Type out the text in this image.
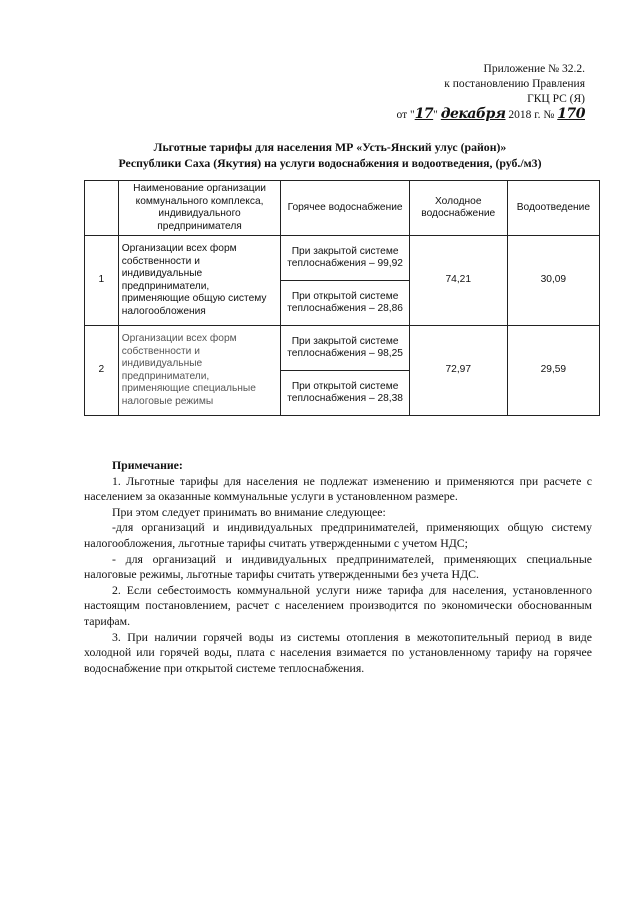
Приложение № 32.2.
к постановлению Правления
ГКЦ РС (Я)
от "17" декабря 2018 г. № 170
Льготные тарифы для населения МР «Усть-Янский улус (район)»
Республики Саха (Якутия) на услуги водоснабжения и водоотведения, (руб./м3)
	Наименование организации коммунального комплекса, индивидуального предпринимателя	Горячее водоснабжение	Холодное водоснабжение	Водоотведение
1	Организации всех форм собственности и индивидуальные предприниматели, применяющие общую систему налогообложения	При закрытой системе теплоснабжения – 99,92	74,21	30,09
		При открытой системе теплоснабжения – 28,86		
2	Организации всех форм собственности и индивидуальные предприниматели, применяющие специальные налоговые режимы	При закрытой системе теплоснабжения – 98,25	72,97	29,59
		При открытой системе теплоснабжения – 28,38		

Примечание:

1. Льготные тарифы для населения не подлежат изменению и применяются при расчете с населением за оказанные коммунальные услуги в установленном размере.

При этом следует принимать во внимание следующее:

-для организаций и индивидуальных предпринимателей, применяющих общую систему налогообложения, льготные тарифы считать утвержденными с учетом НДС;

- для организаций и индивидуальных предпринимателей, применяющих специальные налоговые режимы, льготные тарифы считать утвержденными без учета НДС.

2. Если себестоимость коммунальной услуги ниже тарифа для населения, установленного настоящим постановлением, расчет с населением производится по экономически обоснованным тарифам.

3. При наличии горячей воды из системы отопления в межотопительный период в виде холодной или горячей воды, плата с населения взимается по установленному тарифу на горячее водоснабжение при открытой системе теплоснабжения.
